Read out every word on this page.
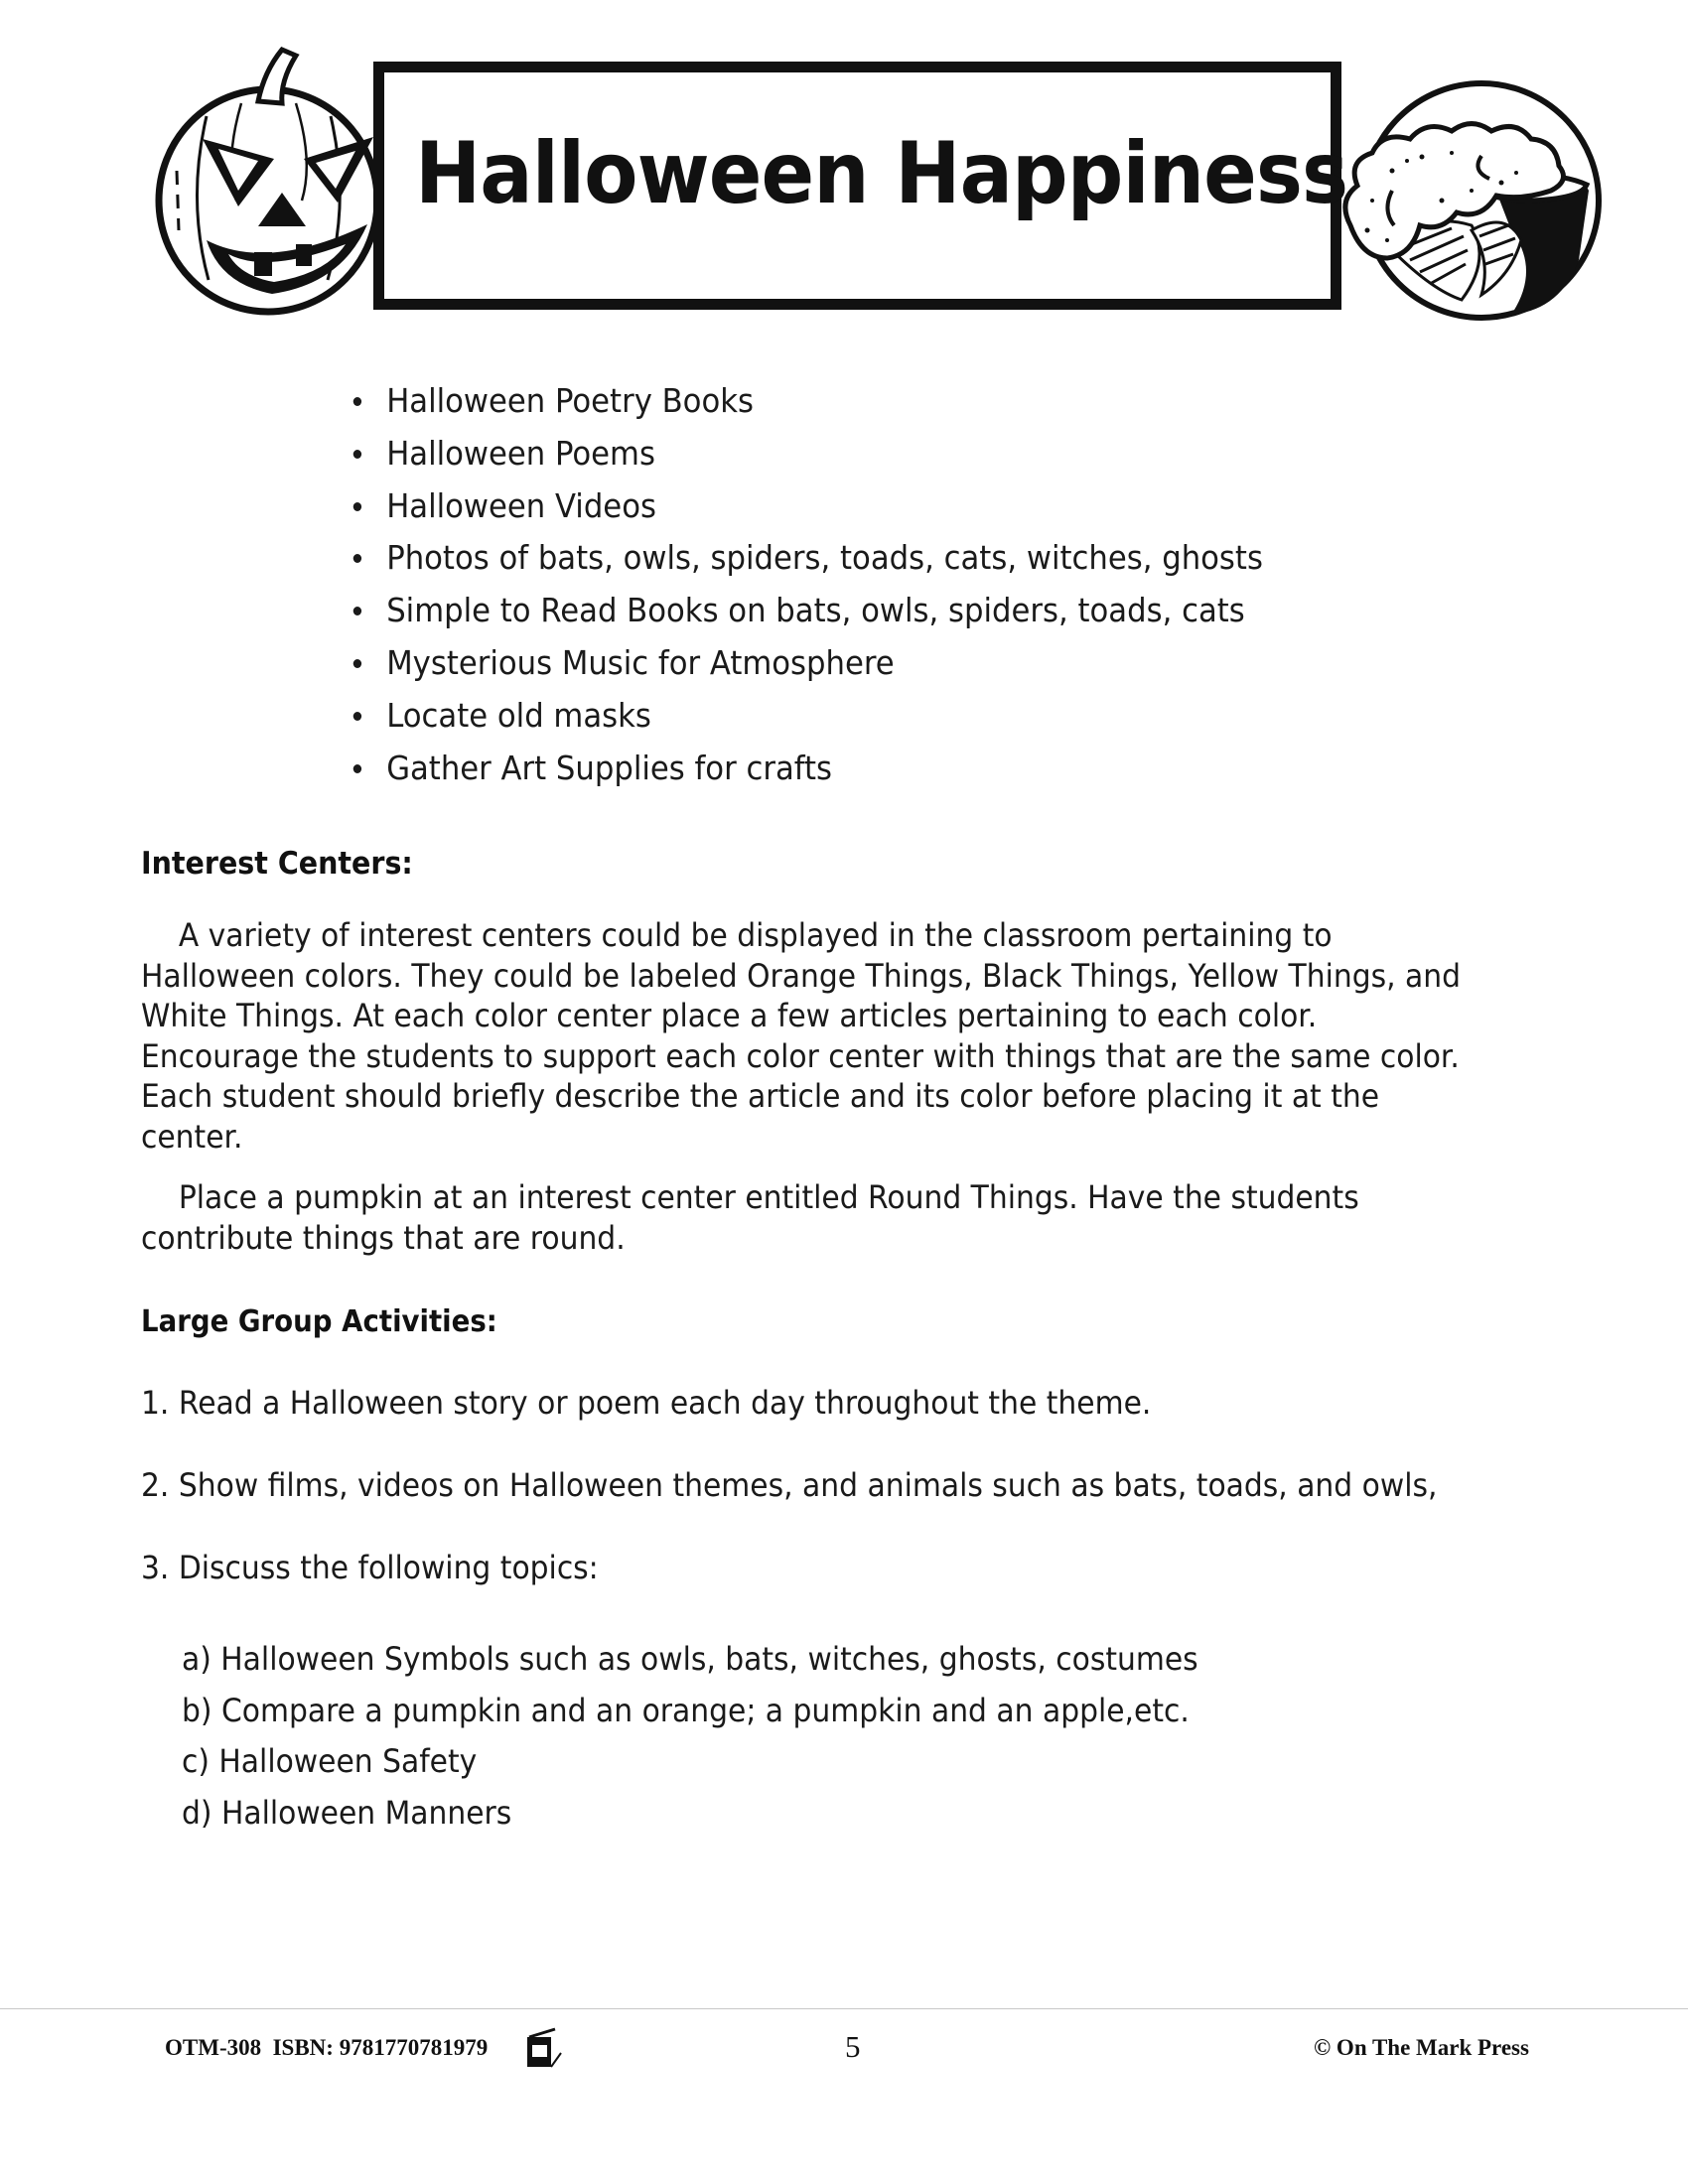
Halloween Happiness
Halloween Poetry Books
Halloween Poems
Halloween Videos
Photos of bats, owls, spiders, toads, cats, witches, ghosts
Simple to Read Books on bats, owls, spiders, toads, cats
Mysterious Music for Atmosphere
Locate old masks
Gather Art Supplies for crafts
Interest Centers:
A variety of interest centers could be displayed in the classroom pertaining to
Halloween colors. They could be labeled Orange Things, Black Things, Yellow Things, and
White Things. At each color center place a few articles pertaining to each color.
Encourage the students to support each color center with things that are the same color.
Each student should briefly describe the article and its color before placing it at the
center.
Place a pumpkin at an interest center entitled Round Things. Have the students
contribute things that are round.
Large Group Activities:
1. Read a Halloween story or poem each day throughout the theme.
2. Show films, videos on Halloween themes, and animals such as bats, toads, and owls,
3. Discuss the following topics:
a) Halloween Symbols such as owls, bats, witches, ghosts, costumes
b) Compare a pumpkin and an orange; a pumpkin and an apple,etc.
c) Halloween Safety
d) Halloween Manners
OTM-308  ISBN: 9781770781979	5	© On The Mark Press
